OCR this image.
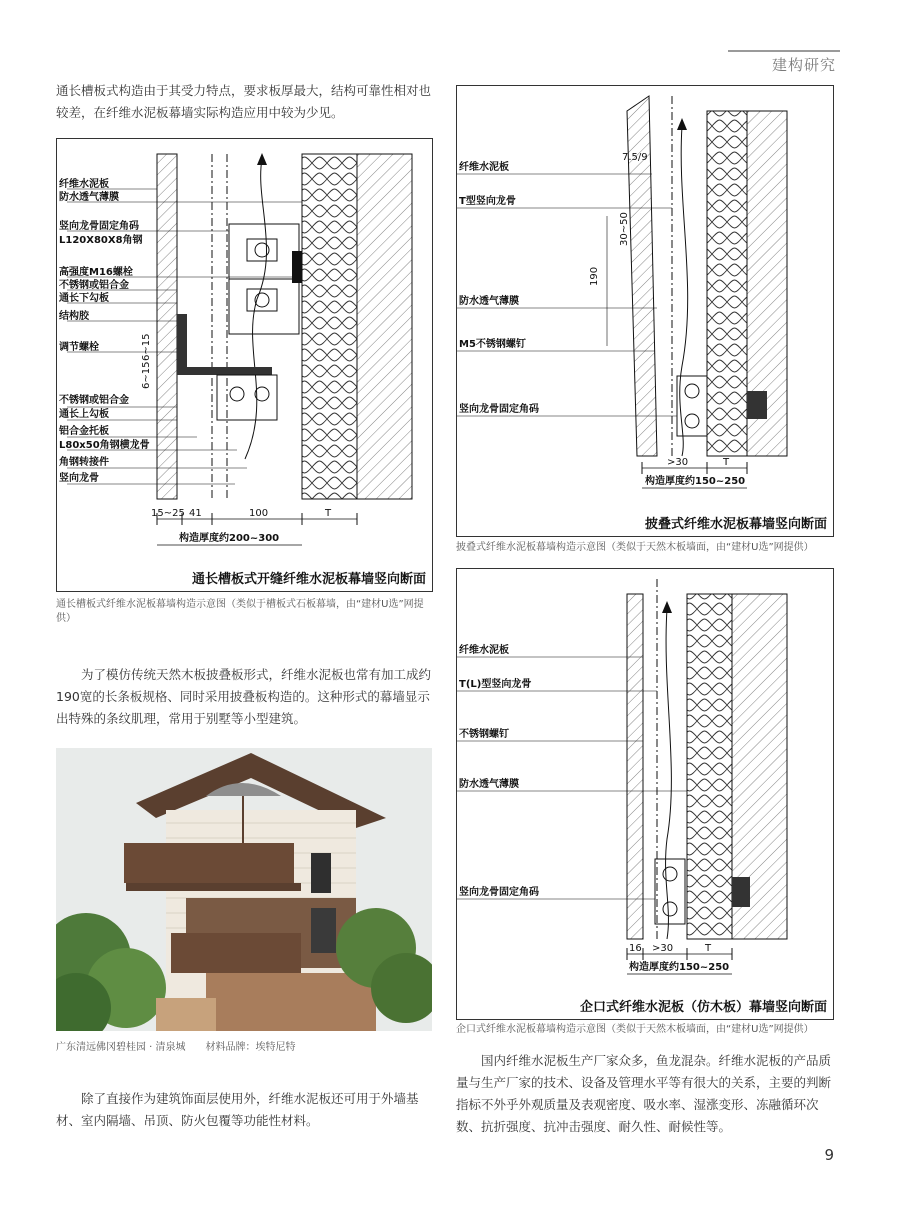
建构研究

通长槽板式构造由于其受力特点，要求板厚最大，结构可靠性相对也较差，在纤维水泥板幕墙实际构造应用中较为少见。

纤维水泥板
防水透气薄膜
竖向龙骨固定角码
L120X80X8角钢
高强度M16螺栓
不锈钢或铝合金
通长下勾板
结构胶
调节螺栓
不锈钢或铝合金
通长上勾板
铝合金托板
L80x50角钢横龙骨
角钢转接件
竖向龙骨
6~15
6~15
15~25 41	100	T
构造厚度约200~300
通长槽板式开缝纤维水泥板幕墙竖向断面

通长槽板式纤维水泥板幕墙构造示意图（类似于槽板式石板幕墙，由“建材U选”网提供）

为了模仿传统天然木板披叠板形式，纤维水泥板也常有加工成约190宽的长条板规格、同时采用披叠板构造的。这种形式的幕墙显示出特殊的条纹肌理，常用于别墅等小型建筑。

广东清远佛冈碧桂园 · 清泉城　　材料品牌：埃特尼特

除了直接作为建筑饰面层使用外，纤维水泥板还可用于外墙基材、室内隔墙、吊顶、防火包覆等功能性材料。

纤维水泥板
T型竖向龙骨
防水透气薄膜
M5不锈钢螺钉
竖向龙骨固定角码
7.5/9
30~50
190
>30	T
构造厚度约150~250
披叠式纤维水泥板幕墙竖向断面

披叠式纤维水泥板幕墙构造示意图（类似于天然木板墙面，由“建材U选”网提供）

纤维水泥板
T(L)型竖向龙骨
不锈钢螺钉
防水透气薄膜
竖向龙骨固定角码
16 >30	T
构造厚度约150~250
企口式纤维水泥板（仿木板）幕墙竖向断面

企口式纤维水泥板幕墙构造示意图（类似于天然木板墙面，由“建材U选”网提供）

国内纤维水泥板生产厂家众多，鱼龙混杂。纤维水泥板的产品质量与生产厂家的技术、设备及管理水平等有很大的关系，主要的判断指标不外乎外观质量及表观密度、吸水率、湿涨变形、冻融循环次数、抗折强度、抗冲击强度、耐久性、耐候性等。

9
